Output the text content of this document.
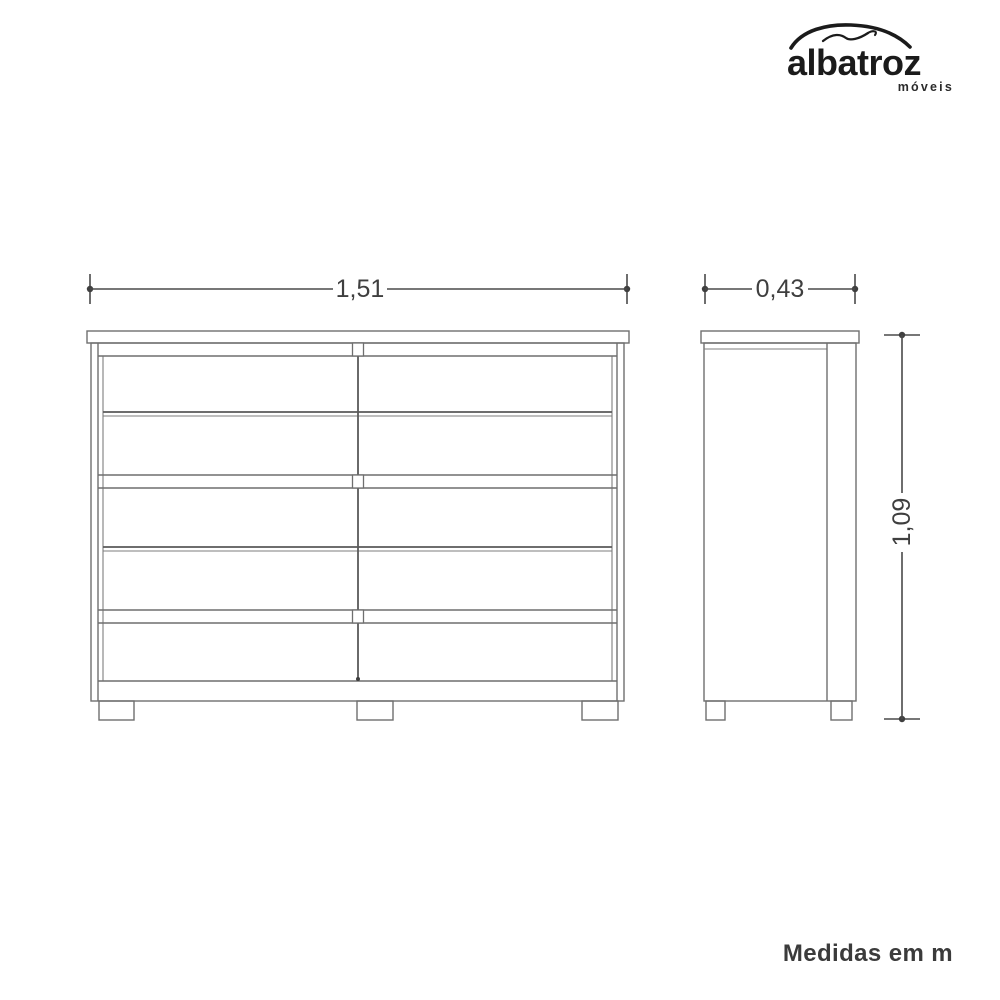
albatroz
móveis
1,51	0,43
1,09
Medidas em m
